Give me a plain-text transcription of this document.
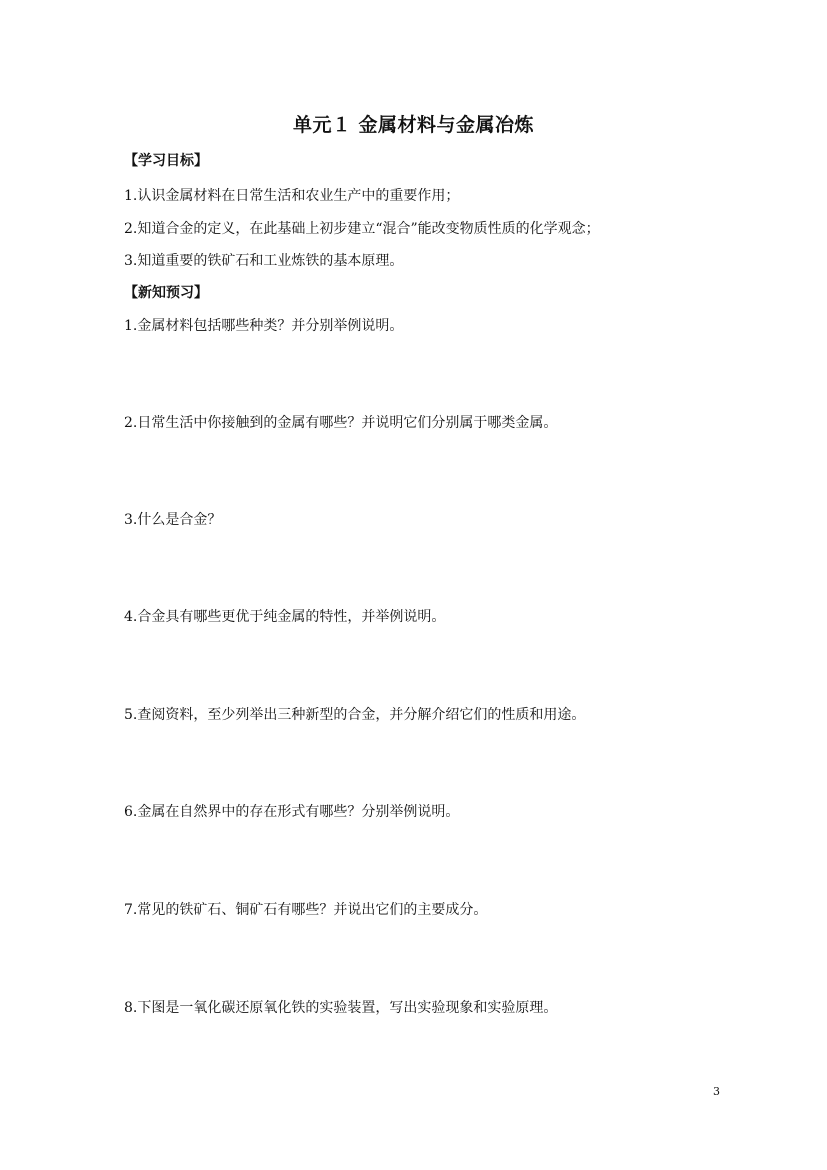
单元１ 金属材料与金属冶炼
【学习目标】
1.认识金属材料在日常生活和农业生产中的重要作用；
2.知道合金的定义，在此基础上初步建立“混合”能改变物质性质的化学观念；
3.知道重要的铁矿石和工业炼铁的基本原理。
【新知预习】
1.金属材料包括哪些种类？并分别举例说明。
2.日常生活中你接触到的金属有哪些？并说明它们分别属于哪类金属。
3.什么是合金？
4.合金具有哪些更优于纯金属的特性，并举例说明。
5.查阅资料，至少列举出三种新型的合金，并分解介绍它们的性质和用途。
6.金属在自然界中的存在形式有哪些？分别举例说明。
7.常见的铁矿石、铜矿石有哪些？并说出它们的主要成分。
8.下图是一氧化碳还原氧化铁的实验装置，写出实验现象和实验原理。
3
